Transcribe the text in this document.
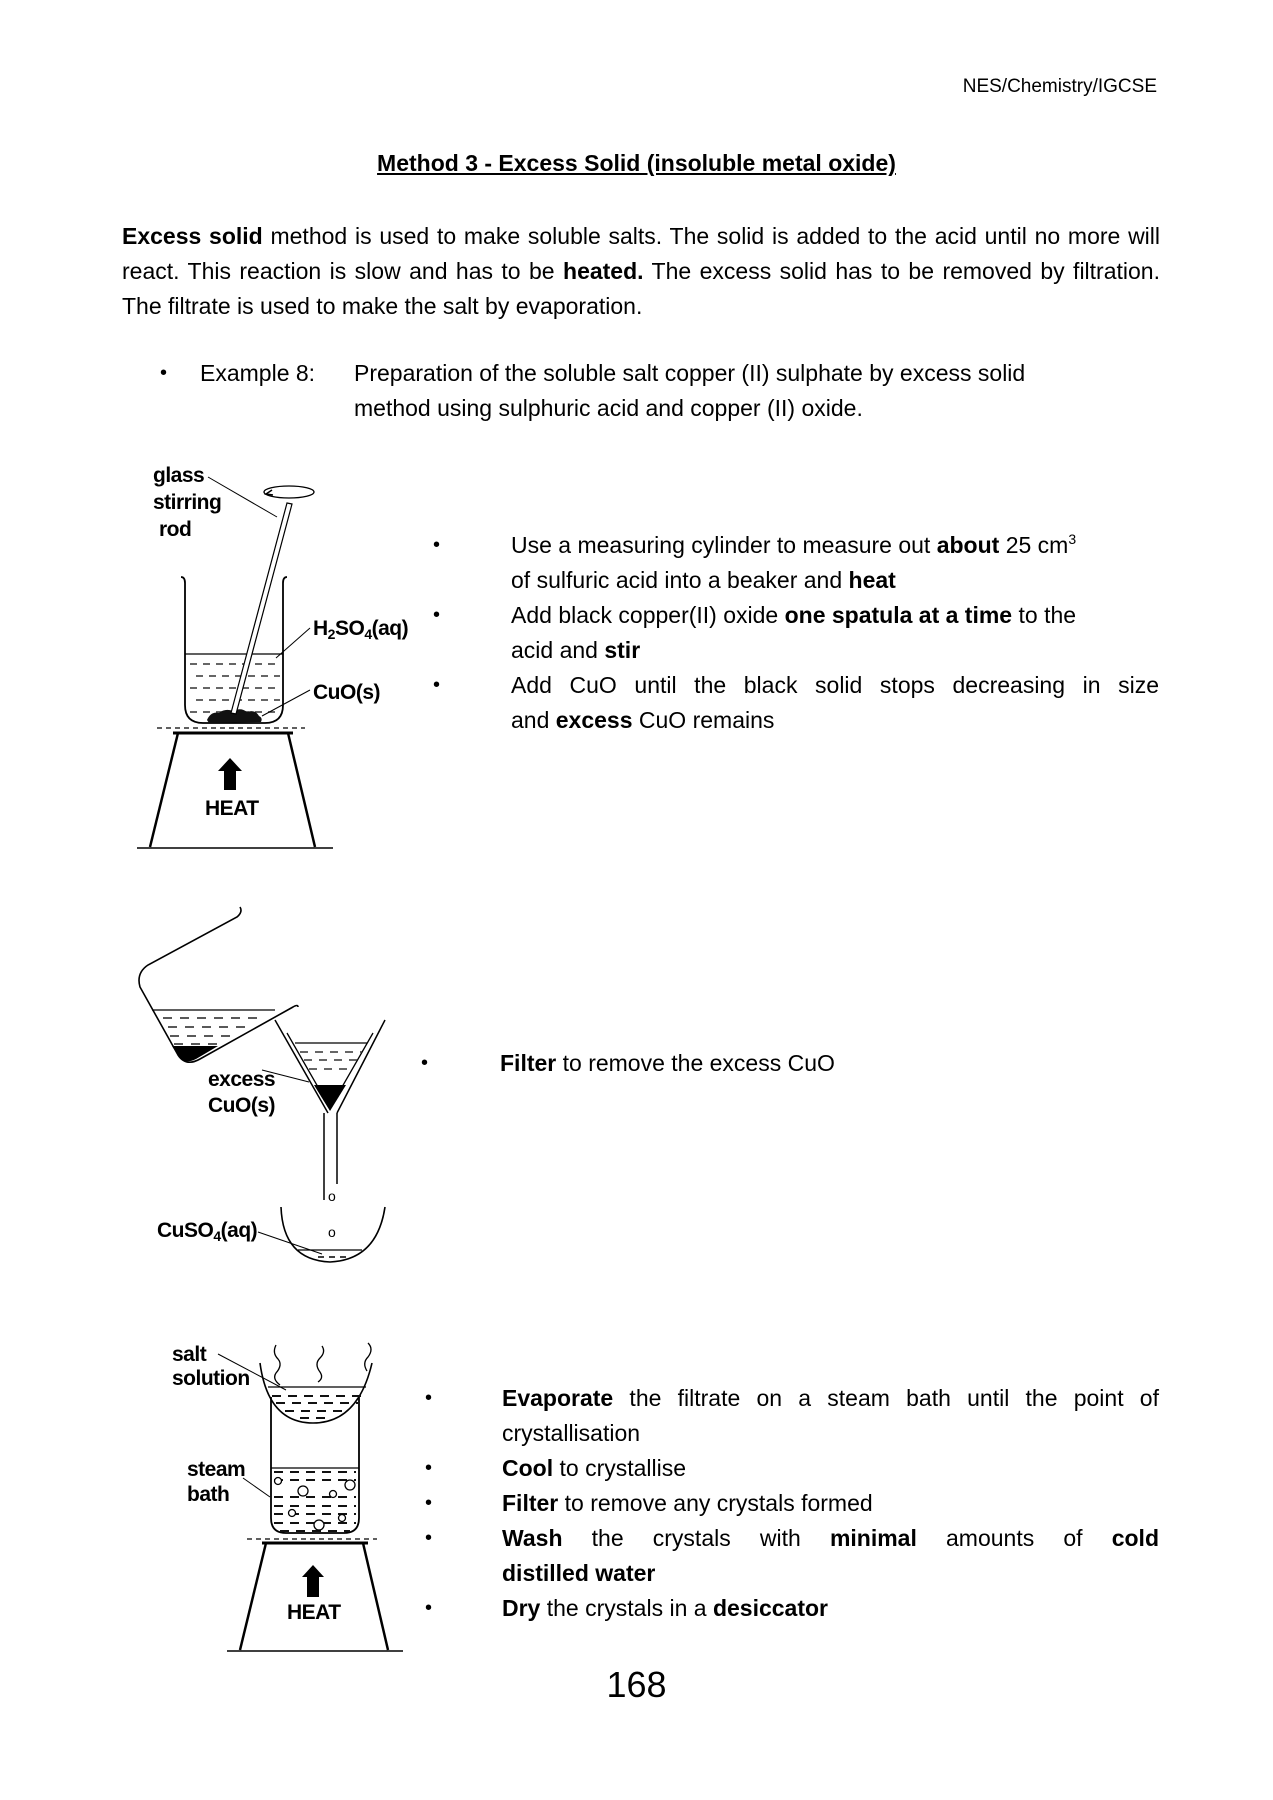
NES/Chemistry/IGCSE
Method 3 - Excess Solid (insoluble metal oxide)
Excess solid method is used to make soluble salts. The solid is added to the acid until no more will react. This reaction is slow and has to be heated. The excess solid has to be removed by filtration. The filtrate is used to make the salt by evaporation.
• Example 8: Preparation of the soluble salt copper (II) sulphate by excess solid
method using sulphuric acid and copper (II) oxide.
glass
stirring
rod
$H_2SO_4(aq)$
CuO(s)
HEAT
•	Use a measuring cylinder to measure out about 25 $cm^3$
of sulfuric acid into a beaker and heat
•	Add black copper(II) oxide one spatula at a time to the
acid and stir
•	Add CuO until the black solid stops decreasing in size
and excess CuO remains
excess
CuO(s)
CuSO$_4$(aq)
o
o
•	Filter to remove the excess CuO
salt
solution
steam
bath
HEAT
•	Evaporate the filtrate on a steam bath until the point of
crystallisation
•	Cool to crystallise
•	Filter to remove any crystals formed
•	Wash the crystals with minimal amounts of cold
distilled water
•	Dry the crystals in a desiccator
168
